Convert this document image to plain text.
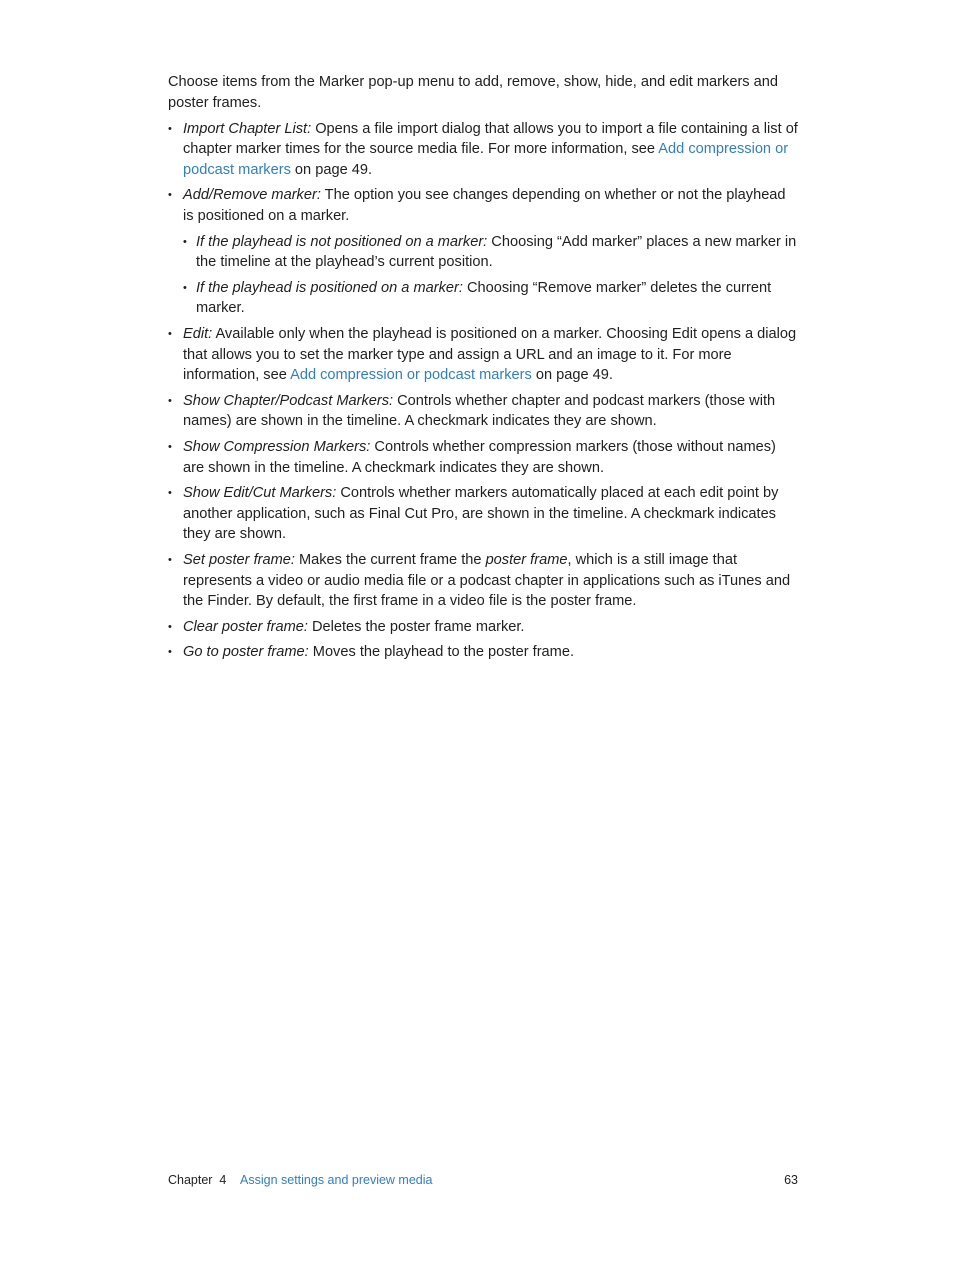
Choose items from the Marker pop-up menu to add, remove, show, hide, and edit markers and poster frames.

• Import Chapter List: Opens a file import dialog that allows you to import a file containing a list of chapter marker times for the source media file. For more information, see Add compression or podcast markers on page 49.
• Add/Remove marker: The option you see changes depending on whether or not the playhead is positioned on a marker.
• If the playhead is not positioned on a marker: Choosing “Add marker” places a new marker in the timeline at the playhead’s current position.
• If the playhead is positioned on a marker: Choosing “Remove marker” deletes the current marker.
• Edit: Available only when the playhead is positioned on a marker. Choosing Edit opens a dialog that allows you to set the marker type and assign a URL and an image to it. For more information, see Add compression or podcast markers on page 49.
• Show Chapter/Podcast Markers: Controls whether chapter and podcast markers (those with names) are shown in the timeline. A checkmark indicates they are shown.
• Show Compression Markers: Controls whether compression markers (those without names) are shown in the timeline. A checkmark indicates they are shown.
• Show Edit/Cut Markers: Controls whether markers automatically placed at each edit point by another application, such as Final Cut Pro, are shown in the timeline. A checkmark indicates they are shown.
• Set poster frame: Makes the current frame the poster frame, which is a still image that represents a video or audio media file or a podcast chapter in applications such as iTunes and the Finder. By default, the first frame in a video file is the poster frame.
• Clear poster frame: Deletes the poster frame marker.
• Go to poster frame: Moves the playhead to the poster frame.
Chapter  4 Assign settings and preview media	63
